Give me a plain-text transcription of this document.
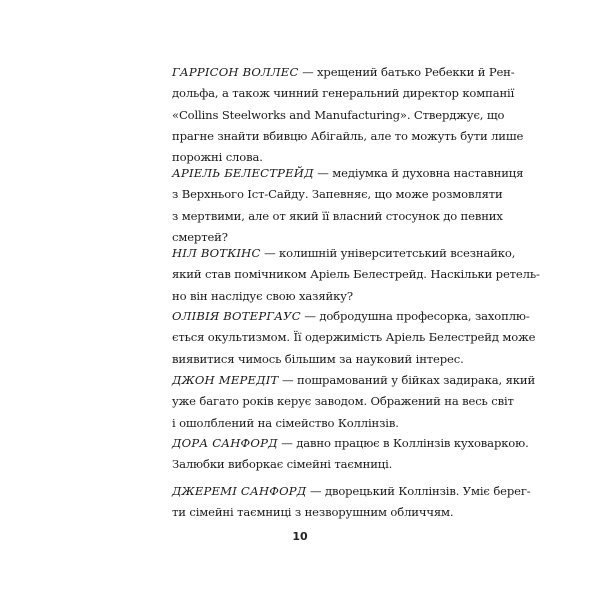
ГАРРІСОН ВОЛЛЕС — хрещений батько Ребекки й Рен-
дольфа, а також чинний генеральний директор компанії
«Collins Steelworks and Manufacturing». Стверджує, що
прагне знайти вбивцю Абігайль, але то можуть бути лише
порожні слова.
АРІЕЛЬ БЕЛЕСТРЕЙД — медіумка й духовна наставниця
з Верхнього Іст-Сайду. Запевняє, що може розмовляти
з мертвими, але от який її власний стосунок до певних
смертей?
НІЛ ВОТКІНС — колишній університетський всезнайко,
який став помічником Аріель Белестрейд. Наскільки ретель-
но він наслідує свою хазяйку?
ОЛІВІЯ ВОТЕРГАУС — добродушна професорка, захоплю-
ється окультизмом. Її одержимість Аріель Белестрейд може
виявитися чимось більшим за науковий інтерес.
ДЖОН МЕРЕДІТ — пошрамований у бійках задирака, який
уже багато років керує заводом. Ображений на весь світ
і ошолблений на сімейство Коллінзів.
ДОРА САНФОРД — давно працює в Коллінзів куховаркою.
Залюбки виборкає сімейні таємниці.
ДЖЕРЕМІ САНФОРД — дворецький Коллінзів. Уміє берег-
ти сімейні таємниці з незворушним обличчям.
10
